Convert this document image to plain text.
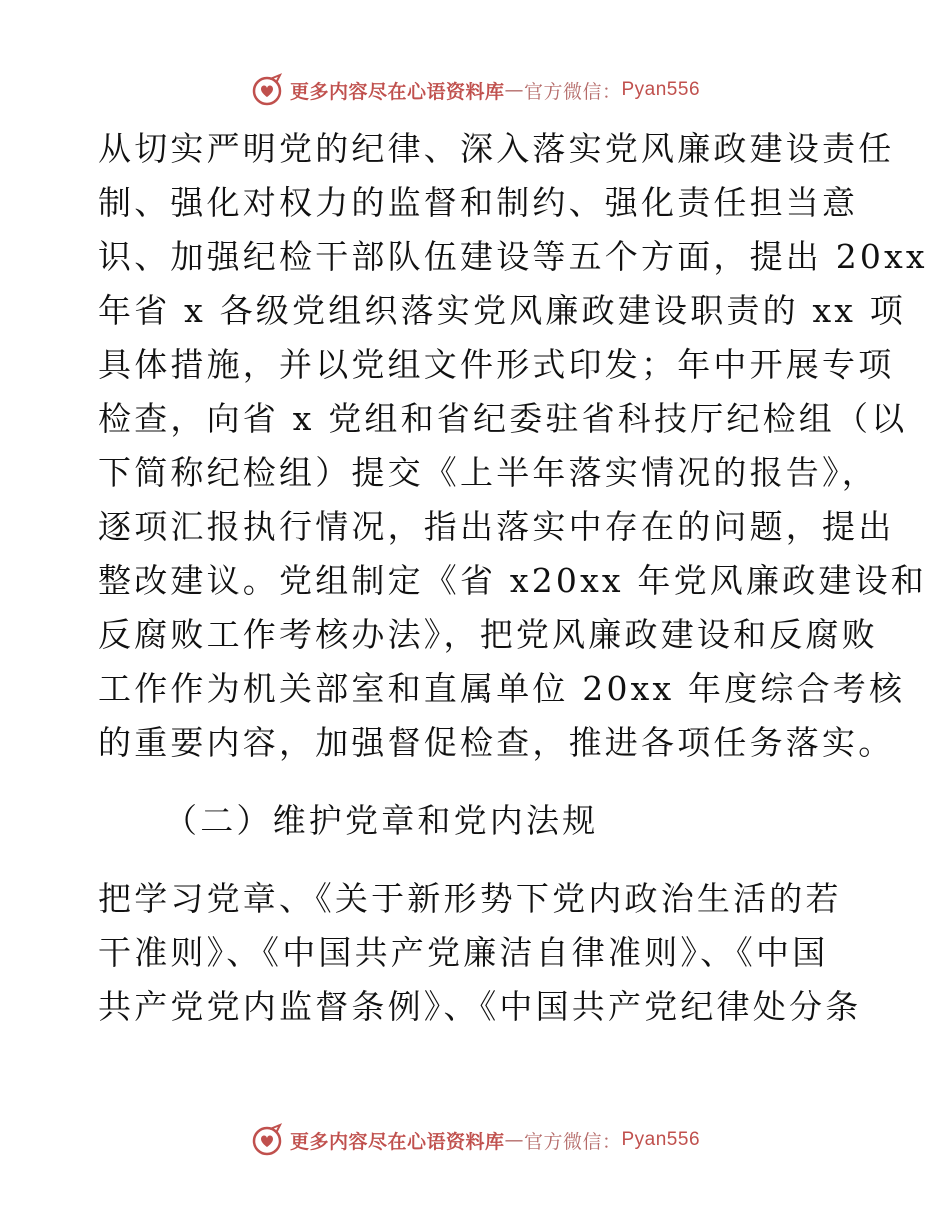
更多内容尽在心语资料库 — 官方微信： Pyan556
从切实严明党的纪律、深入落实党风廉政建设责任
制、强化对权力的监督和制约、强化责任担当意
识、加强纪检干部队伍建设等五个方面，提出 20xx
年省 x 各级党组织落实党风廉政建设职责的 xx 项
具体措施，并以党组文件形式印发；年中开展专项
检查，向省 x 党组和省纪委驻省科技厅纪检组（以
下简称纪检组）提交《上半年落实情况的报告》，
逐项汇报执行情况，指出落实中存在的问题，提出
整改建议。党组制定《省 x20xx 年党风廉政建设和
反腐败工作考核办法》，把党风廉政建设和反腐败
工作作为机关部室和直属单位 20xx 年度综合考核
的重要内容，加强督促检查，推进各项任务落实。
（二）维护党章和党内法规
把学习党章、《关于新形势下党内政治生活的若
干准则》、《中国共产党廉洁自律准则》、《中国
共产党党内监督条例》、《中国共产党纪律处分条
更多内容尽在心语资料库 — 官方微信： Pyan556
